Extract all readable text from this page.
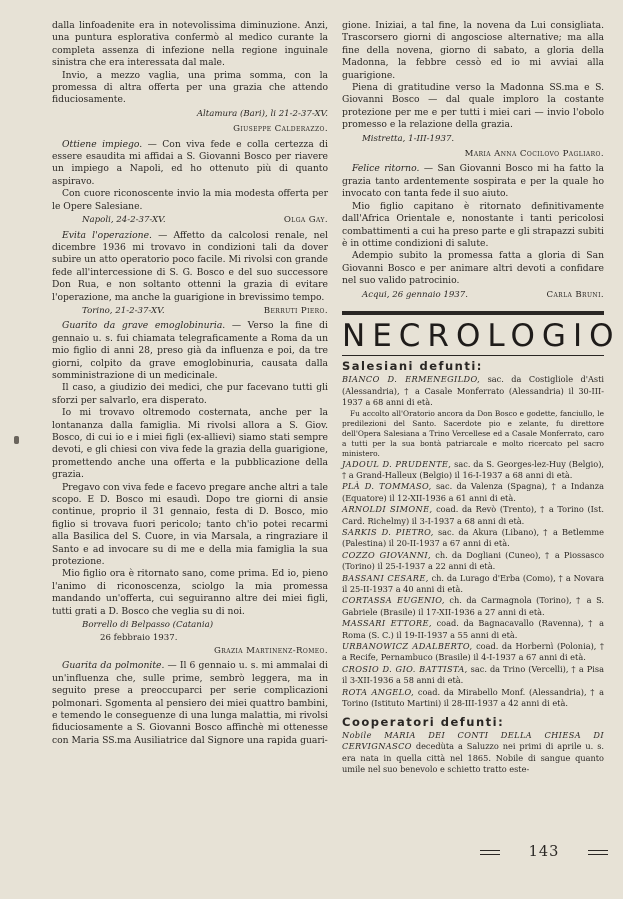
dalla linfoadenite era in notevolissima diminuzione. Anzi, una puntura esplorativa confermò al medico curante la completa assenza di infezione nella regione inguinale sinistra che era interessata dal male.

Invio, a mezzo vaglia, una prima somma, con la promessa di altra offerta per una grazia che attendo fiduciosamente.

Altamura (Bari), li 21-2-37-XV.
Giuseppe Calderazzo.

Ottiene impiego. — Con viva fede e colla certezza di essere esaudita mi affidai a S. Giovanni Bosco per riavere un impiego a Napoli, ed ho ottenuto più di quanto aspiravo.

Con cuore riconoscente invio la mia modesta offerta per le Opere Salesiane.

Napoli, 24-2-37-XV.	Olga Gay.

Evita l'operazione. — Affetto da calcolosi renale, nel dicembre 1936 mi trovavo in condizioni tali da dover subire un atto operatorio poco facile. Mi rivolsi con grande fede all'intercessione di S. G. Bosco e del suo successore Don Rua, e non soltanto ottenni la grazia di evitare l'operazione, ma anche la guarigione in brevissimo tempo.

Torino, 21-2-37-XV.	Berruti Piero.

Guarito da grave emoglobinuria. — Verso la fine di gennaio u. s. fui chiamata telegraficamente a Roma da un mio figlio di anni 28, preso già da influenza e poi, da tre giorni, colpito da grave emoglobinuria, causata dalla somministrazione di un medicinale.

Il caso, a giudizio dei medici, che pur facevano tutti gli sforzi per salvarlo, era disperato.

Io mi trovavo oltremodo costernata, anche per la lontananza dalla famiglia. Mi rivolsi allora a S. Giov. Bosco, di cui io e i miei figli (ex-allievi) siamo stati sempre devoti, e gli chiesi con viva fede la grazia della guarigione, promettendo anche una offerta e la pubblicazione della grazia.

Pregavo con viva fede e facevo pregare anche altri a tale scopo. E D. Bosco mi esaudì. Dopo tre giorni di ansie continue, proprio il 31 gennaio, festa di D. Bosco, mio figlio si trovava fuori pericolo; tanto ch'io potei recarmi alla Basilica del S. Cuore, in via Marsala, a ringraziare il Santo e ad invocare su di me e della mia famiglia la sua protezione.

Mio figlio ora è ritornato sano, come prima. Ed io, pieno l'animo di riconoscenza, sciolgo la mia promessa mandando un'offerta, cui seguiranno altre dei miei figli, tutti grati a D. Bosco che veglia su di noi.

Borrello di Belpasso (Catania)
26 febbraio 1937.
Grazia Martinenz-Romeo.

Guarita da polmonite. — Il 6 gennaio u. s. mi ammalai di un'influenza che, sulle prime, sembrò leggera, ma in seguito prese a preoccuparci per serie complicazioni polmonari. Sgomenta al pensiero dei miei quattro bambini, e temendo le conseguenze di una lunga malattia, mi rivolsi fiduciosamente a S. Giovanni Bosco affinchè mi ottenesse con Maria SS.ma Ausiliatrice dal Signore una rapida guari-

gione. Iniziai, a tal fine, la novena da Lui consigliata. Trascorsero giorni di angosciose alternative; ma alla fine della novena, giorno di sabato, a gloria della Madonna, la febbre cessò ed io mi avviai alla guarigione.

Piena di gratitudine verso la Madonna SS.ma e S. Giovanni Bosco — dal quale imploro la costante protezione per me e per tutti i miei cari — invio l'obolo promesso e la relazione della grazia.

Mistretta, 1-III-1937.
Maria Anna Cocilovo Pagliaro.

Felice ritorno. — San Giovanni Bosco mi ha fatto la grazia tanto ardentemente sospirata e per la quale ho invocato con tanta fede il suo aiuto.

Mio figlio capitano è ritornato definitivamente dall'Africa Orientale e, nonostante i tanti pericolosi combattimenti a cui ha preso parte e gli strapazzi subiti è in ottime condizioni di salute.

Adempio subito la promessa fatta a gloria di San Giovanni Bosco e per animare altri devoti a confidare nel suo valido patrocinio.

Acqui, 26 gennaio 1937.	Carla Bruni.
NECROLOGIO
Salesiani defunti:

BIANCO D. ERMENEGILDO, sac. da Costigliole d'Asti (Alessandria), † a Casale Monferrato (Alessandria) il 30-III-1937 a 68 anni di età.

Fu accolto all'Oratorio ancora da Don Bosco e godette, fanciullo, le predilezioni del Santo. Sacerdote pio e zelante, fu direttore dell'Opera Salesiana a Trino Vercellese ed a Casale Monferrato, caro a tutti per la sua bontà patriarcale e molto ricercato pel sacro ministero.

JADOUL D. PRUDENTE, sac. da S. Georges-lez-Huy (Belgio), † a Grand-Halleux (Belgio) il 16-I-1937 a 68 anni di età.

PLÀ D. TOMMASO, sac. da Valenza (Spagna), † a Indanza (Equatore) il 12-XII-1936 a 61 anni di età.

ARNOLDI SIMONE, coad. da Revò (Trento), † a Torino (Ist. Card. Richelmy) il 3-I-1937 a 68 anni di età.

SARKIS D. PIETRO, sac. da Akura (Libano), † a Betlemme (Palestina) il 20-II-1937 a 67 anni di età.

COZZO GIOVANNI, ch. da Dogliani (Cuneo), † a Piossasco (Torino) il 25-I-1937 a 22 anni di età.

BASSANI CESARE, ch. da Lurago d'Erba (Como), † a Novara il 25-II-1937 a 40 anni di età.

CORTASSA EUGENIO, ch. da Carmagnola (Torino), † a S. Gabriele (Brasile) il 17-XII-1936 a 27 anni di età.

MASSARI ETTORE, coad. da Bagnacavallo (Ravenna), † a Roma (S. C.) il 19-II-1937 a 55 anni di età.

URBANOWICZ ADALBERTO, coad. da Horbernì (Polonia), † a Recife, Pernambuco (Brasile) il 4-I-1937 a 67 anni di età.

CROSIO D. GIO. BATTISTA, sac. da Trino (Vercelli), † a Pisa il 3-XII-1936 a 58 anni di età.

ROTA ANGELO, coad. da Mirabello Monf. (Alessandria), † a Torino (Istituto Martini) il 28-III-1937 a 42 anni di età.

Cooperatori defunti:

Nobile MARIA DEI CONTI DELLA CHIESA DI CERVIGNASCO decedùta a Saluzzo nei primi di aprile u. s. era nata in quella città nel 1865. Nobile di sangue quanto umile nel suo benevolo e schietto tratto este-

143
